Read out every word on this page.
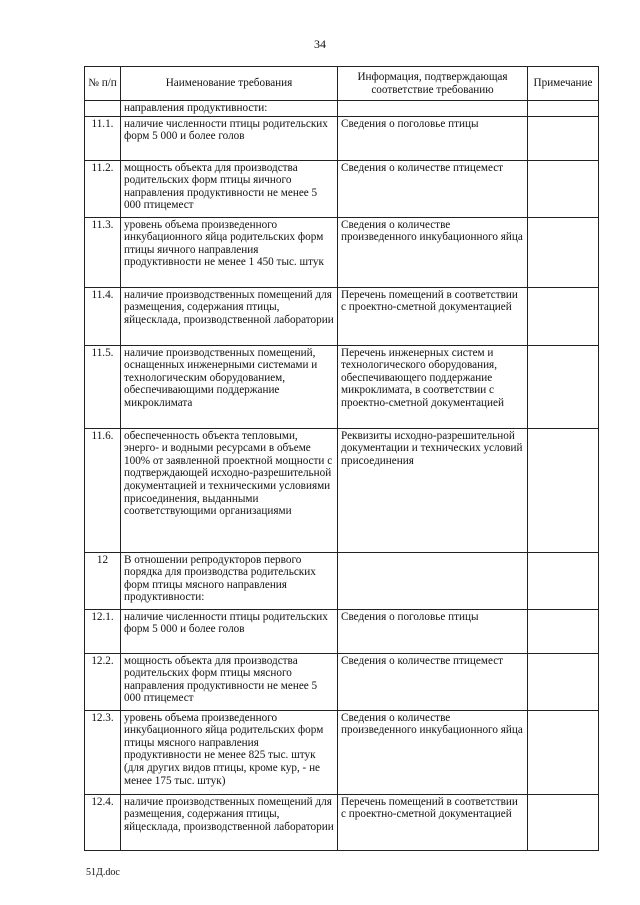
34
№ п/п	Наименование требования	Информация, подтверждающая соответствие требованию	Примечание
	направления продуктивности:		
11.1.	наличие численности птицы родительских форм 5 000 и более голов	Сведения о поголовье птицы	
11.2.	мощность объекта для производства родительских форм птицы яичного направления продуктивности не менее 5 000 птицемест	Сведения о количестве птицемест	
11.3.	уровень объема произведенного инкубационного яйца родительских форм птицы яичного направления продуктивности не менее 1 450 тыс. штук	Сведения о количестве произведенного инкубационного яйца	
11.4.	наличие производственных помещений для размещения, содержания птицы, яйцесклада, производственной лаборатории	Перечень помещений в соответствии с проектно-сметной документацией	
11.5.	наличие производственных помещений, оснащенных инженерными системами и технологическим оборудованием, обеспечивающими поддержание микроклимата	Перечень инженерных систем и технологического оборудования, обеспечивающего поддержание микроклимата, в соответствии с проектно-сметной документацией	
11.6.	обеспеченность объекта тепловыми, энерго- и водными ресурсами в объеме 100% от заявленной проектной мощности с подтверждающей исходно-разрешительной документацией и техническими условиями присоединения, выданными соответствующими организациями	Реквизиты исходно-разрешительной документации и технических условий присоединения	
12	В отношении репродукторов первого порядка для производства родительских форм птицы мясного направления продуктивности:		
12.1.	наличие численности птицы родительских форм 5 000 и более голов	Сведения о поголовье птицы	
12.2.	мощность объекта для производства родительских форм птицы мясного направления продуктивности не менее 5 000 птицемест	Сведения о количестве птицемест	
12.3.	уровень объема произведенного инкубационного яйца родительских форм птицы мясного направления продуктивности не менее 825 тыс. штук (для других видов птицы, кроме кур, - не менее 175 тыс. штук)	Сведения о количестве произведенного инкубационного яйца	
12.4.	наличие производственных помещений для размещения, содержания птицы, яйцесклада, производственной лаборатории	Перечень помещений в соответствии с проектно-сметной документацией	
51Д.doc
